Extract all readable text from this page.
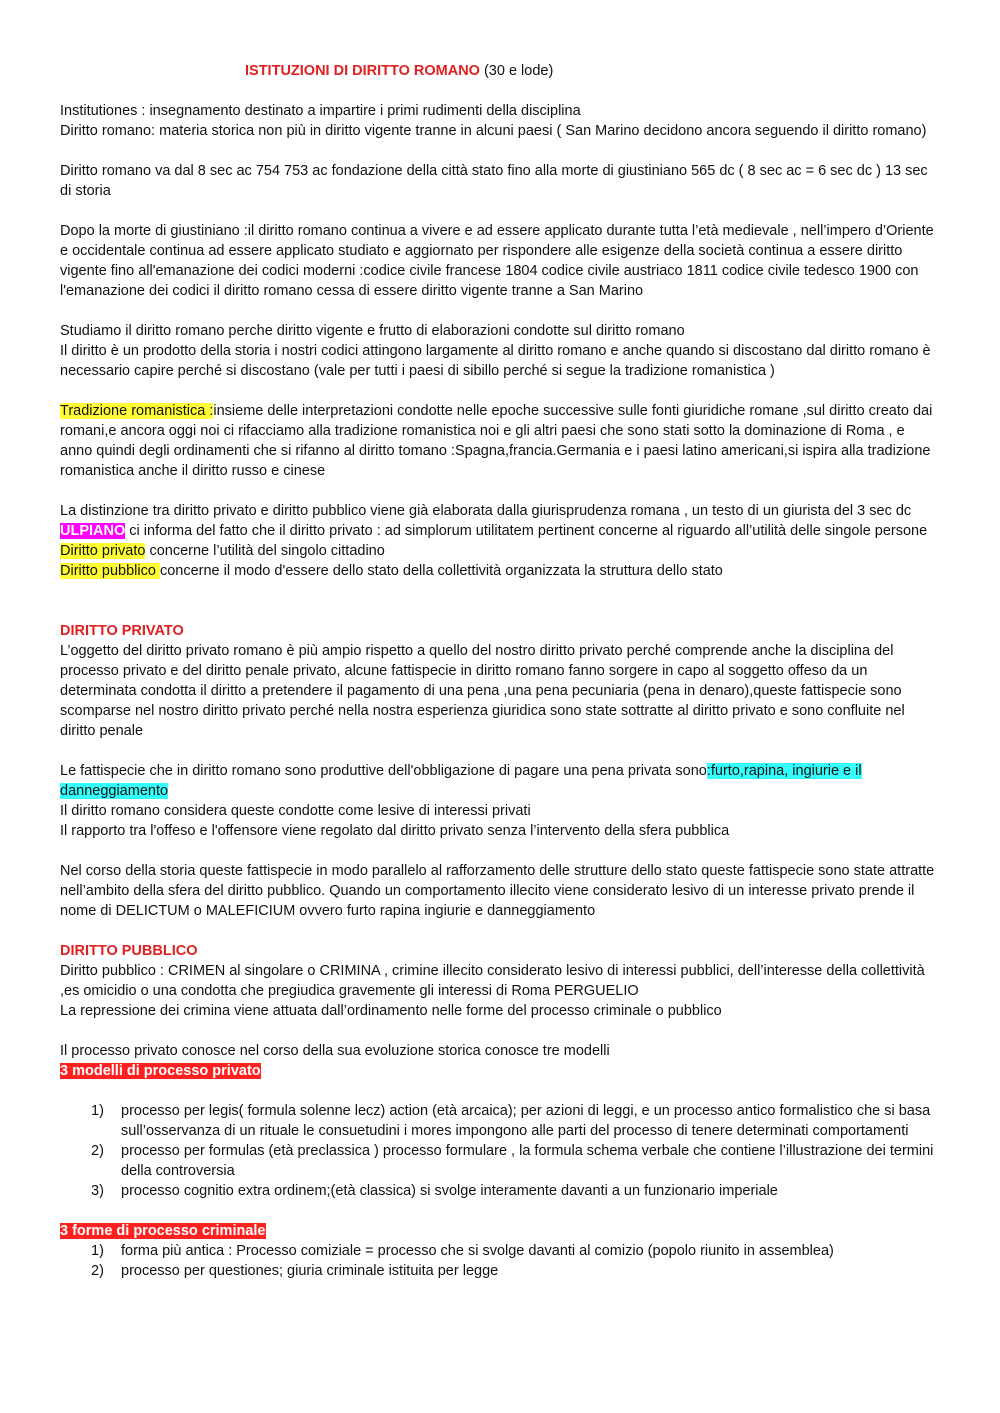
ISTITUZIONI DI DIRITTO ROMANO (30 e lode)

Institutiones : insegnamento destinato a impartire i primi rudimenti della disciplina

Diritto romano: materia storica non più in diritto vigente tranne in alcuni paesi ( San Marino decidono ancora seguendo il diritto romano)

Diritto romano va dal 8 sec ac 754 753 ac fondazione della città stato fino alla morte di giustiniano 565 dc ( 8 sec ac = 6 sec dc ) 13 sec di storia

Dopo la morte di giustiniano :il diritto romano continua a vivere e ad essere applicato durante tutta l’età medievale , nell’impero d’Oriente e occidentale continua ad essere applicato studiato e aggiornato per rispondere alle esigenze della società continua a essere diritto vigente fino all'emanazione dei codici moderni :codice civile francese 1804 codice civile austriaco 1811 codice civile tedesco 1900 con l'emanazione dei codici il diritto romano cessa di essere diritto vigente tranne a San Marino

Studiamo il diritto romano perche diritto vigente e frutto di elaborazioni condotte sul diritto romano

Il diritto è un prodotto della storia i nostri codici attingono largamente al diritto romano e anche quando si discostano dal diritto romano è necessario capire perché si discostano (vale per tutti i paesi di sibillo perché si segue la tradizione romanistica )

Tradizione romanistica :insieme delle interpretazioni condotte nelle epoche successive sulle fonti giuridiche romane ,sul diritto creato dai romani,e ancora oggi noi ci rifacciamo alla tradizione romanistica noi e gli altri paesi che sono stati sotto la dominazione di Roma , e anno quindi degli ordinamenti che si rifanno al diritto tomano :Spagna,francia.Germania e i paesi latino americani,si ispira alla tradizione romanistica anche il diritto russo e cinese

La distinzione tra diritto privato e diritto pubblico viene già elaborata dalla giurisprudenza romana , un testo di un giurista del 3 sec dc ULPIANO ci informa del fatto che il diritto privato : ad simplorum utilitatem pertinent concerne al riguardo all’utilità delle singole persone

Diritto privato concerne l’utilità del singolo cittadino

Diritto pubblico concerne il modo d'essere dello stato della collettività organizzata la struttura dello stato

DIRITTO PRIVATO

L’oggetto del diritto privato romano è più ampio rispetto a quello del nostro diritto privato perché comprende anche la disciplina del processo privato e del diritto penale privato, alcune fattispecie in diritto romano fanno sorgere in capo al soggetto offeso da un determinata condotta il diritto a pretendere il pagamento di una pena ,una pena pecuniaria (pena in denaro),queste fattispecie sono scomparse nel nostro diritto privato perché nella nostra esperienza giuridica sono state sottratte al diritto privato e sono confluite nel diritto penale

Le fattispecie che in diritto romano sono produttive dell'obbligazione di pagare una pena privata sono:furto,rapina, ingiurie e il danneggiamento

Il diritto romano considera queste condotte come lesive di interessi privati

Il rapporto tra l'offeso e l'offensore viene regolato dal diritto privato senza l’intervento della sfera pubblica

Nel corso della storia queste fattispecie in modo parallelo al rafforzamento delle strutture dello stato queste fattispecie sono state attratte nell’ambito della sfera del diritto pubblico. Quando un comportamento illecito viene considerato lesivo di un interesse privato prende il nome di DELICTUM o MALEFICIUM ovvero furto rapina ingiurie e danneggiamento

DIRITTO PUBBLICO

Diritto pubblico : CRIMEN al singolare o CRIMINA , crimine illecito considerato lesivo di interessi pubblici, dell’interesse della collettività ,es omicidio o una condotta che pregiudica gravemente gli interessi di Roma PERGUELIO

La repressione dei crimina viene attuata dall’ordinamento nelle forme del processo criminale o pubblico

Il processo privato conosce nel corso della sua evoluzione storica conosce tre modelli

3 modelli di processo privato

1) processo per legis( formula solenne lecz) action (età arcaica); per azioni di leggi, e un processo antico formalistico che si basa sull’osservanza di un rituale le consuetudini i mores impongono alle parti del processo di tenere determinati comportamenti
2) processo per formulas (età preclassica ) processo formulare , la formula schema verbale che contiene l’illustrazione dei termini della controversia
3) processo cognitio extra ordinem;(età classica) si svolge interamente davanti a un funzionario imperiale

3 forme di processo criminale

1) forma più antica : Processo comiziale = processo che si svolge davanti al comizio (popolo riunito in assemblea)
2) processo per questiones; giuria criminale istituita per legge
